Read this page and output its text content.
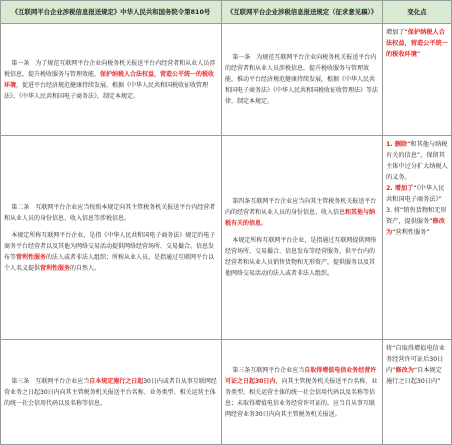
《互联网平台企业涉税信息报送规定》中华人民共和国务院令第810号	《互联网平台企业涉税信息报送规定（征求意见稿）》	变化点

第一条　为了规范互联网平台企业向税务机关报送平台内经营者和从业人员涉税信息，提升税收服务与管理效能，保护纳税人合法权益，营造公平统一的税收环境，促进平台经济规范健康持续发展，根据《中华人民共和国税收征收管理法》、《中华人民共和国电子商务法》，制定本规定。

第一条　为规范互联网平台企业向税务机关报送平台内的经营者和从业人员涉税信息，提升税收服务与管理效能，推动平台经济规范健康持续发展，根据《中华人民共和国电子商务法》《中华人民共和国税收征收管理法》等法律，制定本规定。

增加了“保护纳税人合法权益，营造公平统一的税收环境”

第二条　互联网平台企业应当按照本规定向其主管税务机关报送平台内经营者和从业人员的身份信息、收入信息等涉税信息。

本规定所称互联网平台企业，是指《中华人民共和国电子商务法》规定的电子商务平台经营者以及其他为网络交易活动提供网络经营场所、交易撮合、信息发布等营利性服务的法人或者非法人组织；所称从业人员，是指通过互联网平台以个人名义提供营利性服务的自然人。

第四条互联网平台企业应当向其主管税务机关报送平台内的经营者和从业人员的身份信息、收入信息和其他与纳税有关的信息。

本规定所称互联网平台企业，是指通过互联网提供网络经营场所、交易撮合、信息发布等经营服务，供平台内的经营者和从业人员销售货物和无形资产，提供服务以及其他网络交易活动的法人或者非法人组织。

1. 删除“和其他与纳税有关的信息”，保留其主体中过分扩大纳税人的义务。
2. 增加了“《中华人民共和国电子商务法》”
3. 将“销售货物和无形资产，提供服务”修改为“营利性服务”

第三条　互联网平台企业应当自本规定施行之日起30日内或者自从事互联网经营业务之日起30日内向其主管税务机关报送平台名称、业务类型、相关运营主体的统一社会信用代码以及名称等信息。

第三条互联网平台企业应当自取得增值电信业务经营许可证之日起30日内，向其主管税务机关报送平台名称、业务类型、相关运营主体的统一社会信用代码以及名称等信息；未取得增值电信业务经营许可证的，应当自从事互联网经营业务30日内向其主管税务机关报送。

将“自取得增值电信业务经营许可证后30日内”修改为“自本规定施行之日起30日内”
